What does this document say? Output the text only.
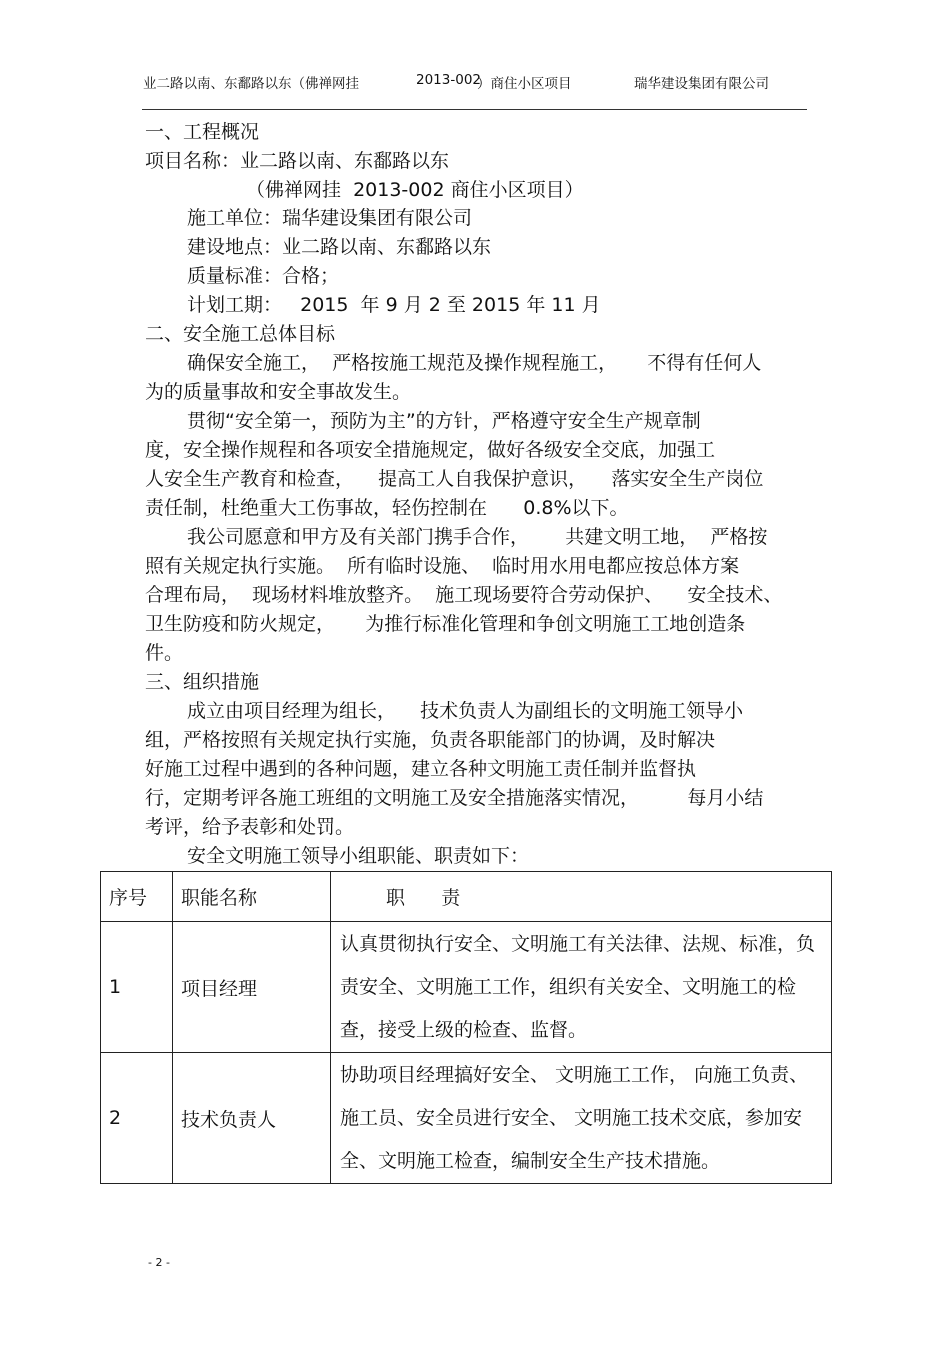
业二路以南、东鄱路以东（佛禅网挂	2013-002
）商住小区项目	瑞华建设集团有限公司
一、工程概况
项目名称：业二路以南、东鄱路以东
（佛禅网挂  2013-002 商住小区项目）
施工单位：瑞华建设集团有限公司
建设地点：业二路以南、东鄱路以东
质量标准：合格；
计划工期：   2015  年 9 月 2 至 2015 年 11 月
二、安全施工总体目标
确保安全施工，  严格按施工规范及操作规程施工，     不得有任何人
为的质量事故和安全事故发生。
贯彻“安全第一，预防为主”的方针，严格遵守安全生产规章制
度，安全操作规程和各项安全措施规定，做好各级安全交底，加强工
人安全生产教育和检查，    提高工人自我保护意识，    落实安全生产岗位
责任制，杜绝重大工伤事故，轻伤控制在      0.8%以下。
我公司愿意和甲方及有关部门携手合作，      共建文明工地，  严格按
照有关规定执行实施。  所有临时设施、  临时用水用电都应按总体方案
合理布局，  现场材料堆放整齐。  施工现场要符合劳动保护、    安全技术、
卫生防疫和防火规定，     为推行标准化管理和争创文明施工工地创造条
件。
三、组织措施
成立由项目经理为组长，    技术负责人为副组长的文明施工领导小
组，严格按照有关规定执行实施，负责各职能部门的协调，及时解决
好施工过程中遇到的各种问题，建立各种文明施工责任制并监督执
行，定期考评各施工班组的文明施工及安全措施落实情况，        每月小结
考评，给予表彰和处罚。
安全文明施工领导小组职能、职责如下：
序号	职能名称	职      责
1	项目经理	认真贯彻执行安全、文明施工有关法律、法规、标准，负责安全、文明施工工作，组织有关安全、文明施工的检查，接受上级的检查、监督。
2	技术负责人	协助项目经理搞好安全、 文明施工工作， 向施工负责、施工员、安全员进行安全、 文明施工技术交底，参加安全、文明施工检查，编制安全生产技术措施。
- 2 -
